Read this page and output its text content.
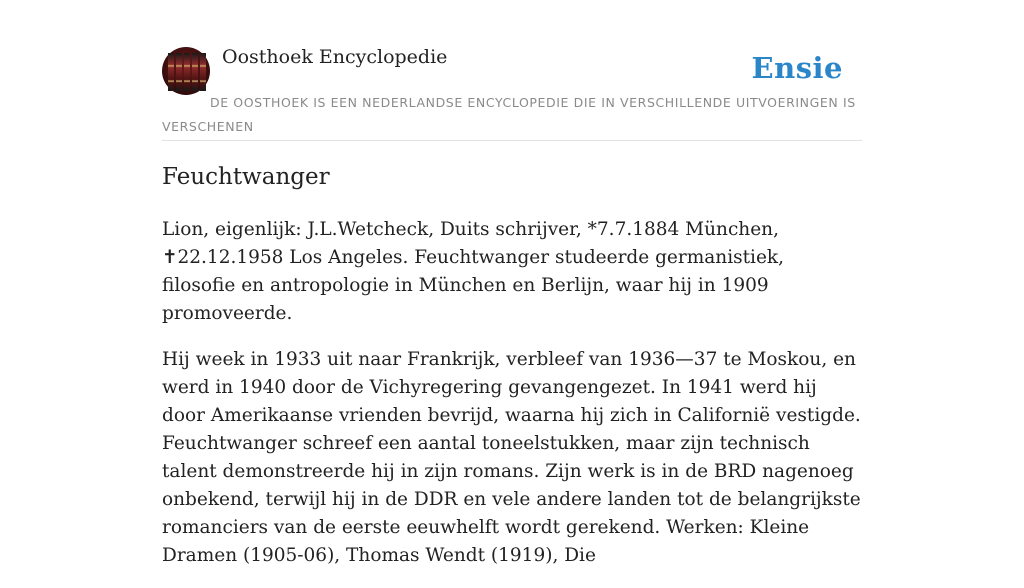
Oosthoek Encyclopedie	Ensie
DE OOSTHOEK IS EEN NEDERLANDSE ENCYCLOPEDIE DIE IN VERSCHILLENDE UITVOERINGEN IS VERSCHENEN
Feuchtwanger

Lion, eigenlijk: J.L.Wetcheck, Duits schrijver, *7.7.1884 München, ✝22.12.1958 Los Angeles. Feuchtwanger studeerde germanistiek, filosofie en antropologie in München en Berlijn, waar hij in 1909 promoveerde.

Hij week in 1933 uit naar Frankrijk, verbleef van 1936—37 te Moskou, en werd in 1940 door de Vichyregering gevangengezet. In 1941 werd hij door Amerikaanse vrienden bevrijd, waarna hij zich in Californië vestigde. Feuchtwanger schreef een aantal toneelstukken, maar zijn technisch talent demonstreerde hij in zijn romans. Zijn werk is in de BRD nagenoeg onbekend, terwijl hij in de DDR en vele andere landen tot de belangrijkste romanciers van de eerste eeuwhelft wordt gerekend. Werken: Kleine Dramen (1905-06), Thomas Wendt (1919), Die
